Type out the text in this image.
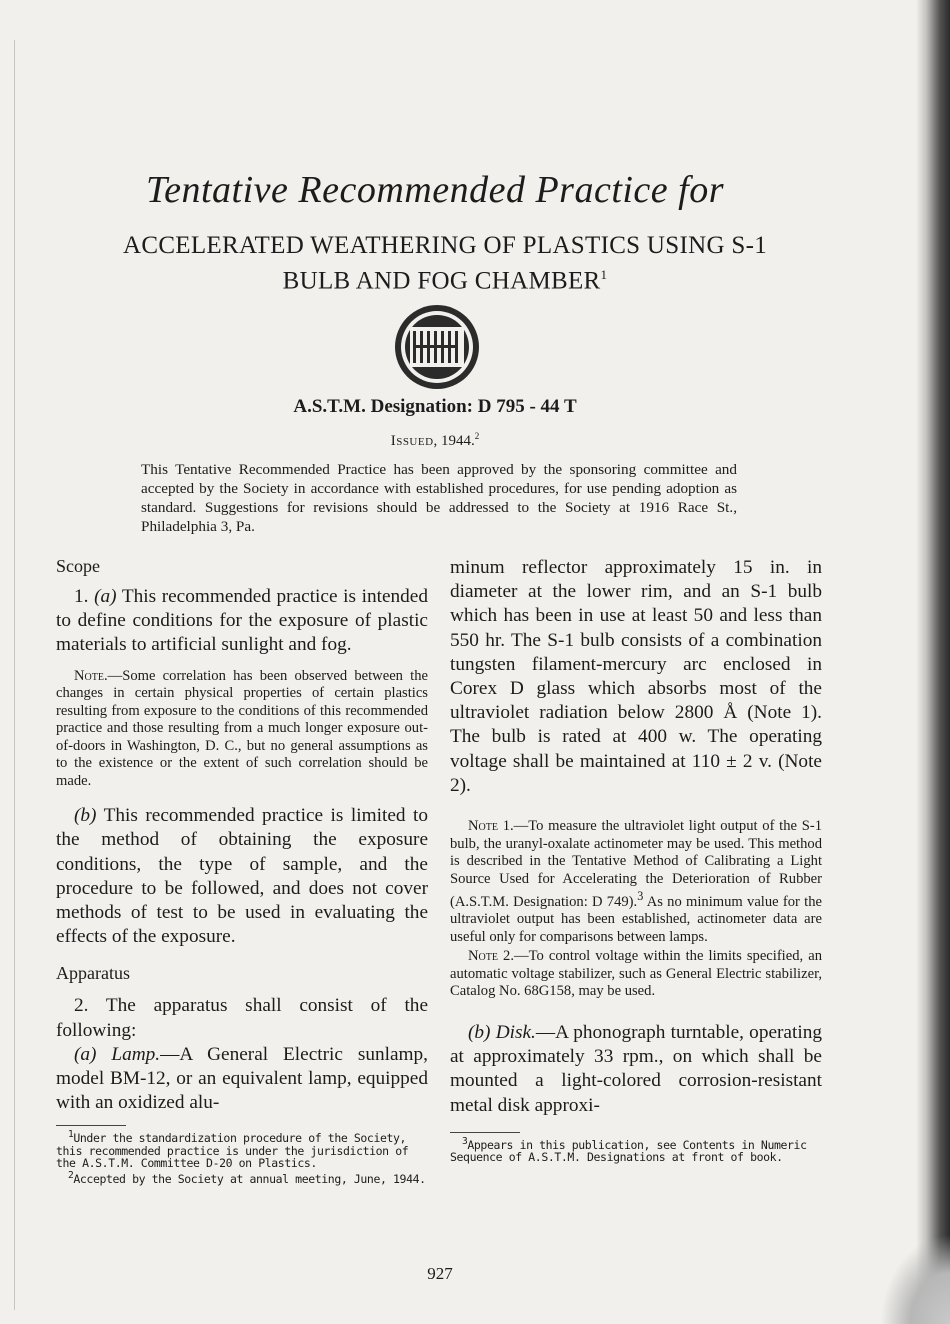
Tentative Recommended Practice for
ACCELERATED WEATHERING OF PLASTICS USING S-1
BULB AND FOG CHAMBER$^1$
A.S.T.M. Designation: D 795 - 44 T
Issued, 1944.$^2$
This Tentative Recommended Practice has been approved by the sponsoring committee and accepted by the Society in accordance with established procedures, for use pending adoption as standard. Suggestions for revisions should be addressed to the Society at 1916 Race St., Philadelphia 3, Pa.
Scope

1. (a) This recommended practice is intended to define conditions for the exposure of plastic materials to artificial sunlight and fog.

Note.—Some correlation has been observed between the changes in certain physical properties of certain plastics resulting from exposure to the conditions of this recommended practice and those resulting from a much longer exposure out-of-doors in Washington, D. C., but no general assumptions as to the existence or the extent of such correlation should be made.

(b) This recommended practice is limited to the method of obtaining the exposure conditions, the type of sample, and the procedure to be followed, and does not cover methods of test to be used in evaluating the effects of the exposure.

Apparatus

2. The apparatus shall consist of the following:

(a) Lamp.—A General Electric sunlamp, model BM-12, or an equivalent lamp, equipped with an oxidized alu-

$^1$Under the standardization procedure of the Society, this recommended practice is under the jurisdiction of the A.S.T.M. Committee D-20 on Plastics.

$^2$Accepted by the Society at annual meeting, June, 1944.

minum reflector approximately 15 in. in diameter at the lower rim, and an S-1 bulb which has been in use at least 50 and less than 550 hr. The S-1 bulb consists of a combination tungsten filament-mercury arc enclosed in Corex D glass which absorbs most of the ultraviolet radiation below 2800 Å (Note 1). The bulb is rated at 400 w. The operating voltage shall be maintained at 110 ± 2 v. (Note 2).

Note 1.—To measure the ultraviolet light output of the S-1 bulb, the uranyl-oxalate actinometer may be used. This method is described in the Tentative Method of Calibrating a Light Source Used for Accelerating the Deterioration of Rubber (A.S.T.M. Designation: D 749).$^3$ As no minimum value for the ultraviolet output has been established, actinometer data are useful only for comparisons between lamps.

Note 2.—To control voltage within the limits specified, an automatic voltage stabilizer, such as General Electric stabilizer, Catalog No. 68G158, may be used.

(b) Disk.—A phonograph turntable, operating at approximately 33 rpm., on which shall be mounted a light-colored corrosion-resistant metal disk approxi-

$^3$Appears in this publication, see Contents in Numeric Sequence of A.S.T.M. Designations at front of book.

927
